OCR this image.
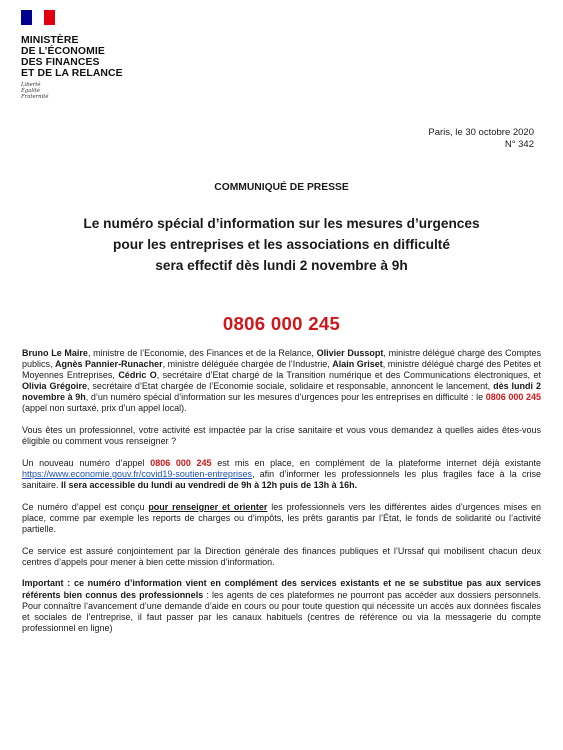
MINISTÈRE
DE L’ÉCONOMIE
DES FINANCES
ET DE LA RELANCE
Liberté
Égalité
Fraternité
Paris, le 30 octobre 2020
N° 342
COMMUNIQUÉ DE PRESSE
Le numéro spécial d’information sur les mesures d’urgences
pour les entreprises et les associations en difficulté
sera effectif dès lundi 2 novembre à 9h
0806 000 245

Bruno Le Maire, ministre de l’Economie, des Finances et de la Relance, Olivier Dussopt, ministre délégué chargé des Comptes publics, Agnès Pannier-Runacher, ministre déléguée chargée de l’Industrie, Alain Griset, ministre délégué chargé des Petites et Moyennes Entreprises, Cédric O, secrétaire d’Etat chargé de la Transition numérique et des Communications électroniques, et Olivia Grégoire, secrétaire d’Etat chargée de l’Economie sociale, solidaire et responsable, annoncent le lancement, dès lundi 2 novembre à 9h, d’un numéro spécial d’information sur les mesures d’urgences pour les entreprises en difficulté : le 0806 000 245 (appel non surtaxé, prix d’un appel local).

Vous êtes un professionnel, votre activité est impactée par la crise sanitaire et vous vous demandez à quelles aides êtes-vous éligible ou comment vous renseigner ?

Un nouveau numéro d’appel 0806 000 245 est mis en place, en complément de la plateforme internet déjà existante https://www.economie.gouv.fr/covid19-soutien-entreprises, afin d’informer les professionnels les plus fragiles face à la crise sanitaire. Il sera accessible du lundi au vendredi de 9h à 12h puis de 13h à 16h.

Ce numéro d’appel est conçu pour renseigner et orienter les professionnels vers les différentes aides d’urgences mises en place, comme par exemple les reports de charges ou d’impôts, les prêts garantis par l’État, le fonds de solidarité ou l’activité partielle.

Ce service est assuré conjointement par la Direction générale des finances publiques et l’Urssaf qui mobilisent chacun deux centres d’appels pour mener à bien cette mission d’information.

Important : ce numéro d’information vient en complément des services existants et ne se substitue pas aux services référents bien connus des professionnels : les agents de ces plateformes ne pourront pas accéder aux dossiers personnels. Pour connaître l’avancement d’une demande d’aide en cours ou pour toute question qui nécessite un accès aux données fiscales et sociales de l’entreprise, il faut passer par les canaux habituels (centres de référence ou via la messagerie du compte professionnel en ligne)
